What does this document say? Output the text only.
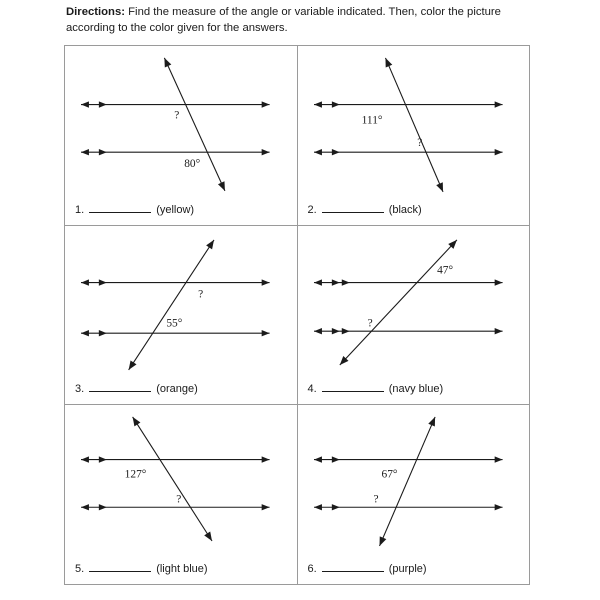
Directions: Find the measure of the angle or variable indicated. Then, color the picture according to the color given for the answers.
80°
?
1.	(yellow)
111°
?
2.	(black)
55°
?
3.	(orange)
47°
?
4.	(navy blue)
127°
?
5.	(light blue)
67°
?
6.	(purple)
